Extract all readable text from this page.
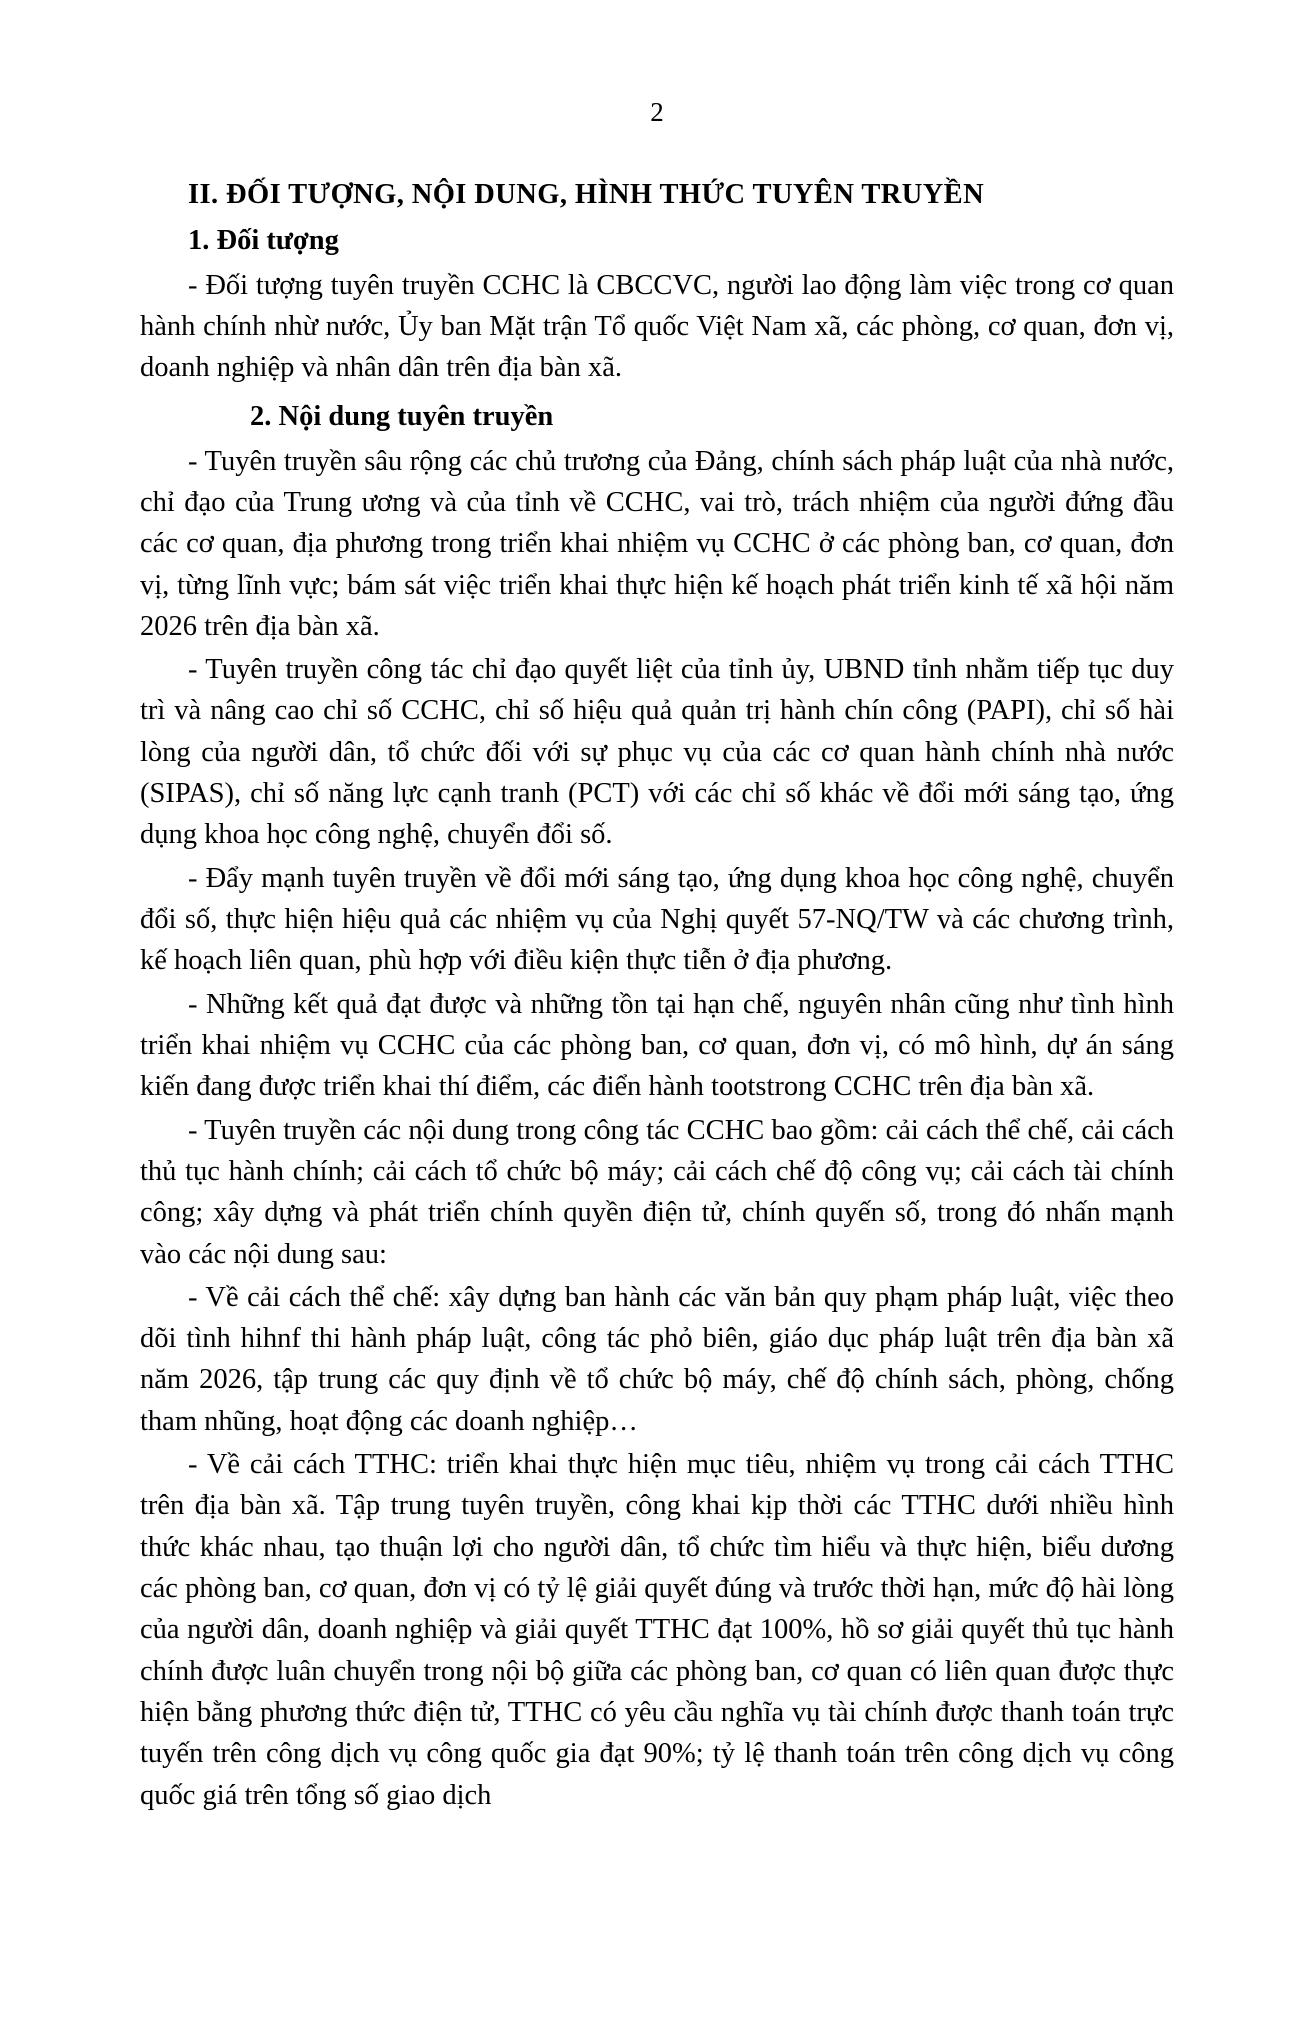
2
II. ĐỐI TƯỢNG, NỘI DUNG, HÌNH THỨC TUYÊN TRUYỀN
1. Đối tượng

- Đối tượng tuyên truyền CCHC là CBCCVC, người lao động làm việc trong cơ quan hành chính nhừ nước, Ủy ban Mặt trận Tổ quốc Việt Nam xã, các phòng, cơ quan, đơn vị, doanh nghiệp và nhân dân trên địa bàn xã.

2. Nội dung tuyên truyền

- Tuyên truyền sâu rộng các chủ trương của Đảng, chính sách pháp luật của nhà nước, chỉ đạo của Trung ương và của tỉnh về CCHC, vai trò, trách nhiệm của người đứng đầu các cơ quan, địa phương trong triển khai nhiệm vụ CCHC ở các phòng ban, cơ quan, đơn vị, từng lĩnh vực; bám sát việc triển khai thực hiện kế hoạch phát triển kinh tế xã hội năm 2026 trên địa bàn xã.

- Tuyên truyền công tác chỉ đạo quyết liệt của tỉnh ủy, UBND tỉnh nhằm tiếp tục duy trì và nâng cao chỉ số CCHC, chỉ số hiệu quả quản trị hành chín công (PAPI), chỉ số hài lòng của người dân, tổ chức đối với sự phục vụ của các cơ quan hành chính nhà nước (SIPAS), chỉ số năng lực cạnh tranh (PCT) với các chỉ số khác về đổi mới sáng tạo, ứng dụng khoa học công nghệ, chuyển đổi số.

- Đẩy mạnh tuyên truyền về đổi mới sáng tạo, ứng dụng khoa học công nghệ, chuyển đổi số, thực hiện hiệu quả các nhiệm vụ của Nghị quyết 57-NQ/TW và các chương trình, kế hoạch liên quan, phù hợp với điều kiện thực tiễn ở địa phương.

- Những kết quả đạt được và những tồn tại hạn chế, nguyên nhân cũng như tình hình triển khai nhiệm vụ CCHC của các phòng ban, cơ quan, đơn vị, có mô hình, dự án sáng kiến đang được triển khai thí điểm, các điển hành tootstrong CCHC trên địa bàn xã.

- Tuyên truyền các nội dung trong công tác CCHC bao gồm: cải cách thể chế, cải cách thủ tục hành chính; cải cách tổ chức bộ máy; cải cách chế độ công vụ; cải cách tài chính công; xây dựng và phát triển chính quyền điện tử, chính quyến số, trong đó nhấn mạnh vào các nội dung sau:

- Về cải cách thể chế: xây dựng ban hành các văn bản quy phạm pháp luật, việc theo dõi tình hihnf thi hành pháp luật, công tác phỏ biên, giáo dục pháp luật trên địa bàn xã năm 2026, tập trung các quy định về tổ chức bộ máy, chế độ chính sách, phòng, chống tham nhũng, hoạt động các doanh nghiệp…

- Về cải cách TTHC: triển khai thực hiện mục tiêu, nhiệm vụ trong cải cách TTHC trên địa bàn xã. Tập trung tuyên truyền, công khai kịp thời các TTHC dưới nhiều hình thức khác nhau, tạo thuận lợi cho người dân, tổ chức tìm hiểu và thực hiện, biểu dương các phòng ban, cơ quan, đơn vị có tỷ lệ giải quyết đúng và trước thời hạn, mức độ hài lòng của người dân, doanh nghiệp và giải quyết TTHC đạt 100%, hồ sơ giải quyết thủ tục hành chính được luân chuyển trong nội bộ giữa các phòng ban, cơ quan có liên quan được thực hiện bằng phương thức điện tử, TTHC có yêu cầu nghĩa vụ tài chính được thanh toán trực tuyến trên công dịch vụ công quốc gia đạt 90%; tỷ lệ thanh toán trên công dịch vụ công quốc giá trên tổng số giao dịch
